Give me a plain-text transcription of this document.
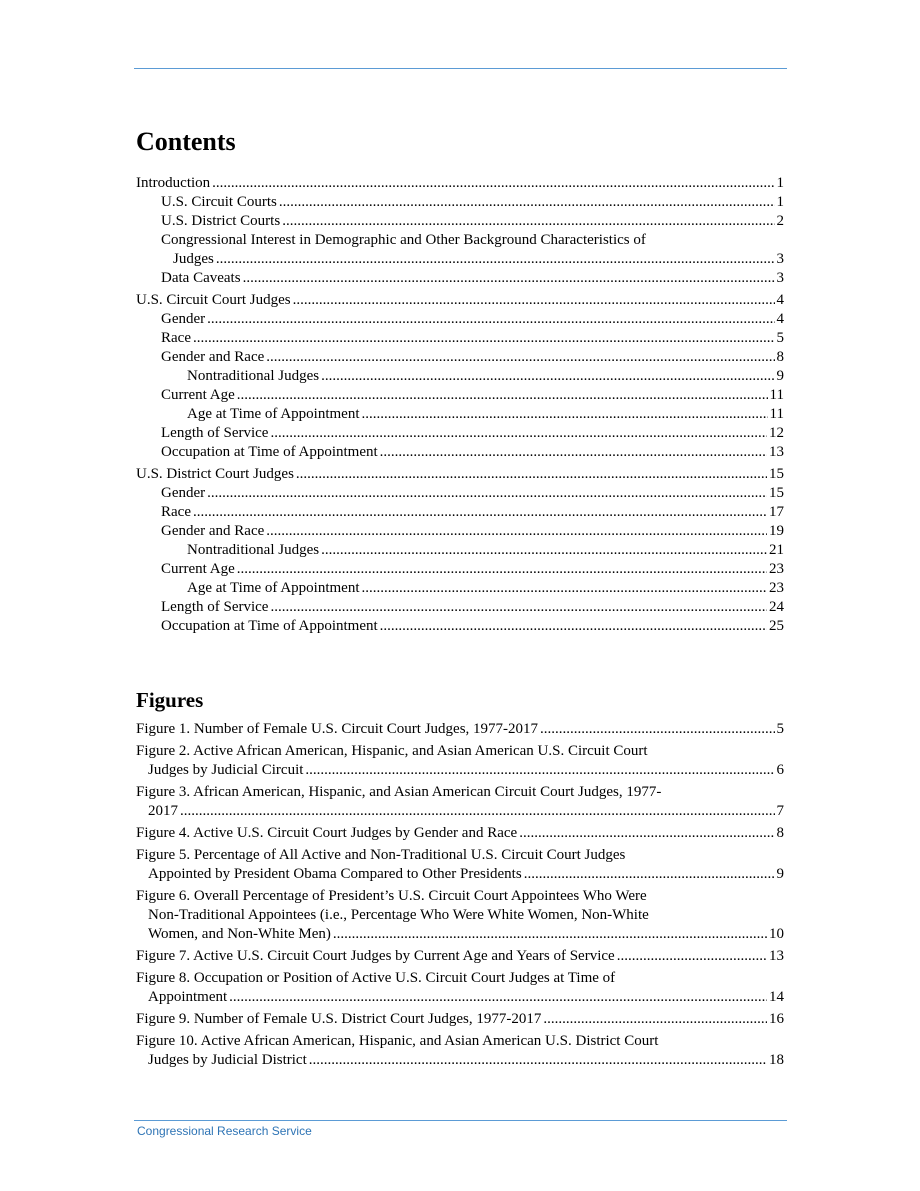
Contents
Introduction .....	1
U.S. Circuit Courts .....	1
U.S. District Courts .....	2
Congressional Interest in Demographic and Other Background Characteristics of
Judges .....	3
Data Caveats .....	3
U.S. Circuit Court Judges .....	4
Gender .....	4
Race .....	5
Gender and Race .....	8
Nontraditional Judges .....	9
Current Age .....	11
Age at Time of Appointment .....	11
Length of Service .....	12
Occupation at Time of Appointment .....	13
U.S. District Court Judges .....	15
Gender .....	15
Race .....	17
Gender and Race .....	19
Nontraditional Judges .....	21
Current Age .....	23
Age at Time of Appointment .....	23
Length of Service .....	24
Occupation at Time of Appointment .....	25
Figures
Figure 1. Number of Female U.S. Circuit Court Judges, 1977-2017 .....	5
Figure 2. Active African American, Hispanic, and Asian American U.S. Circuit Court
Judges by Judicial Circuit .....	6
Figure 3. African American, Hispanic, and Asian American Circuit Court Judges, 1977-
2017 .....	7
Figure 4. Active U.S. Circuit Court Judges by Gender and Race .....	8
Figure 5. Percentage of All Active and Non-Traditional U.S. Circuit Court Judges
Appointed by President Obama Compared to Other Presidents .....	9
Figure 6. Overall Percentage of President’s U.S. Circuit Court Appointees Who Were
Non-Traditional Appointees (i.e., Percentage Who Were White Women, Non-White
Women, and Non-White Men) .....	10
Figure 7. Active U.S. Circuit Court Judges by Current Age and Years of Service .....	13
Figure 8. Occupation or Position of Active U.S. Circuit Court Judges at Time of
Appointment .....	14
Figure 9. Number of Female U.S. District Court Judges, 1977-2017 .....	16
Figure 10. Active African American, Hispanic, and Asian American U.S. District Court
Judges by Judicial District .....	18
Congressional Research Service
